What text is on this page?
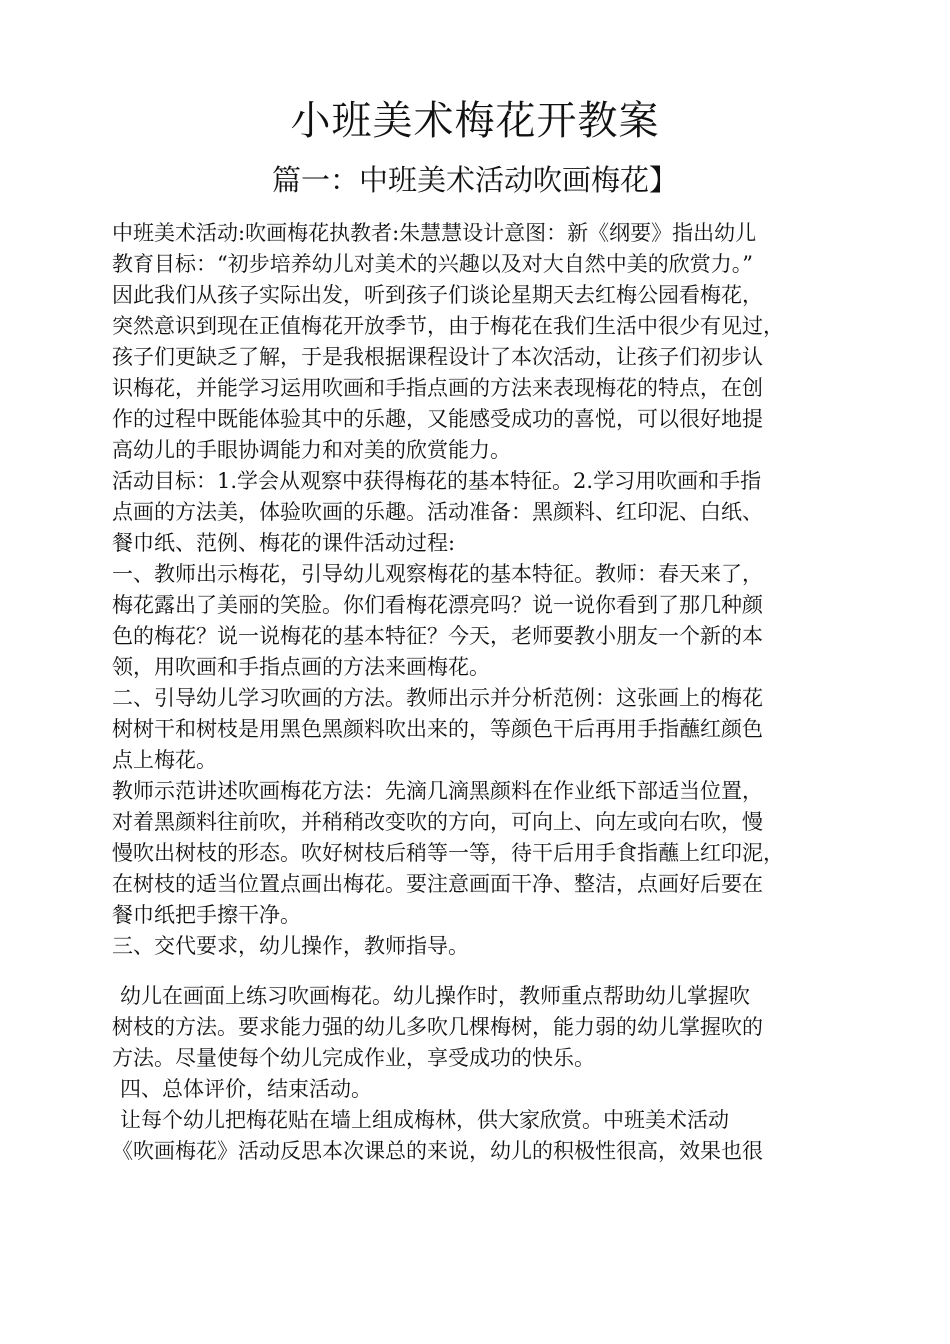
小班美术梅花开教案
篇一：中班美术活动吹画梅花】
中班美术活动:吹画梅花执教者:朱慧慧设计意图：新《纲要》指出幼儿
教育目标：“初步培养幼儿对美术的兴趣以及对大自然中美的欣赏力。”
因此我们从孩子实际出发，听到孩子们谈论星期天去红梅公园看梅花，
突然意识到现在正值梅花开放季节，由于梅花在我们生活中很少有见过，
孩子们更缺乏了解，于是我根据课程设计了本次活动，让孩子们初步认
识梅花，并能学习运用吹画和手指点画的方法来表现梅花的特点，在创
作的过程中既能体验其中的乐趣，又能感受成功的喜悦，可以很好地提
高幼儿的手眼协调能力和对美的欣赏能力。
活动目标：1.学会从观察中获得梅花的基本特征。2.学习用吹画和手指
点画的方法美，体验吹画的乐趣。活动准备：黑颜料、红印泥、白纸、
餐巾纸、范例、梅花的课件活动过程:
一、教师出示梅花，引导幼儿观察梅花的基本特征。教师：春天来了，
梅花露出了美丽的笑脸。你们看梅花漂亮吗？说一说你看到了那几种颜
色的梅花？说一说梅花的基本特征？今天，老师要教小朋友一个新的本
领，用吹画和手指点画的方法来画梅花。
二、引导幼儿学习吹画的方法。教师出示并分析范例：这张画上的梅花
树树干和树枝是用黑色黑颜料吹出来的，等颜色干后再用手指蘸红颜色
点上梅花。
教师示范讲述吹画梅花方法：先滴几滴黑颜料在作业纸下部适当位置，
对着黑颜料往前吹，并稍稍改变吹的方向，可向上、向左或向右吹，慢
慢吹出树枝的形态。吹好树枝后稍等一等，待干后用手食指蘸上红印泥，
在树枝的适当位置点画出梅花。要注意画面干净、整洁，点画好后要在
餐巾纸把手擦干净。
三、交代要求，幼儿操作，教师指导。
幼儿在画面上练习吹画梅花。幼儿操作时，教师重点帮助幼儿掌握吹
树枝的方法。要求能力强的幼儿多吹几棵梅树，能力弱的幼儿掌握吹的
方法。尽量使每个幼儿完成作业，享受成功的快乐。
四、总体评价，结束活动。
让每个幼儿把梅花贴在墙上组成梅林，供大家欣赏。中班美术活动
《吹画梅花》活动反思本次课总的来说，幼儿的积极性很高，效果也很
